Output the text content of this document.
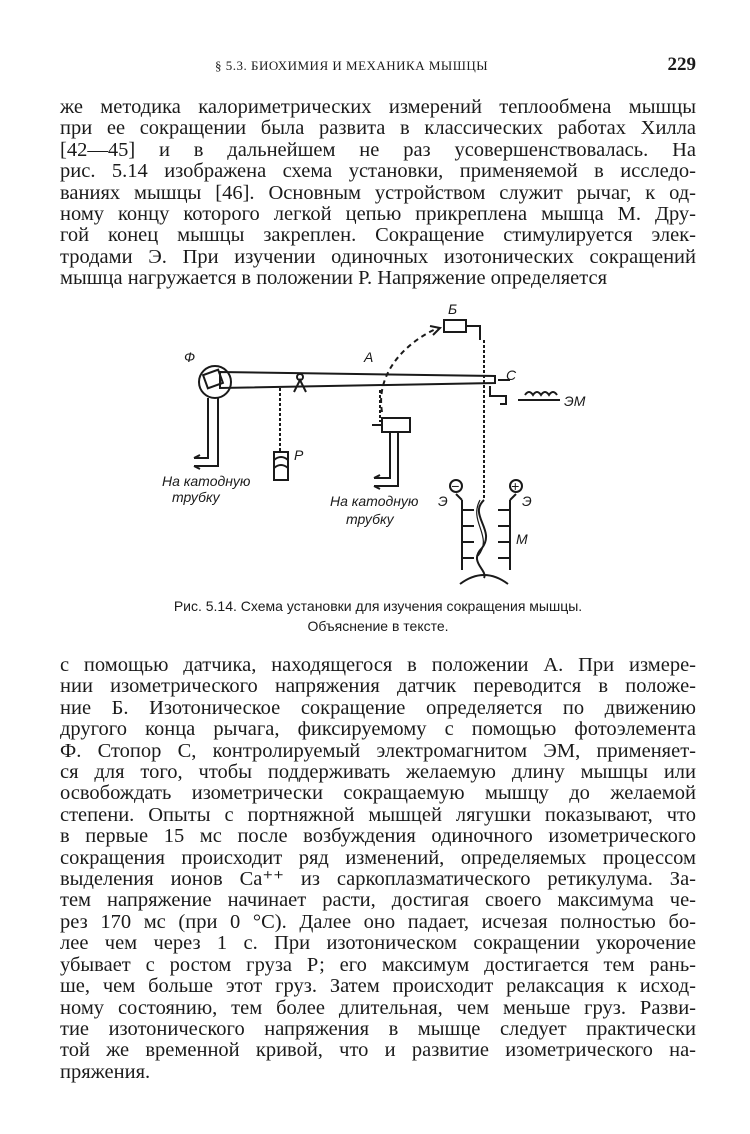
§ 5.3. БИОХИМИЯ И МЕХАНИКА МЫШЦЫ	229
же методика калориметрических измерений теплообмена мышцы
при ее сокращении была развита в классических работах Хилла
[42—45] и в дальнейшем не раз усовершенствовалась. На
рис. 5.14 изображена схема установки, применяемой в исследо-
ваниях мышцы [46]. Основным устройством служит рычаг, к од-
ному концу которого легкой цепью прикреплена мышца М. Дру-
гой конец мышцы закреплен. Сокращение стимулируется элек-
тродами Э. При изучении одиночных изотонических сокращений
мышца нагружается в положении Р. Напряжение определяется
Ф	А
Б
С
ЭМ
Р
Э	Э
М
−	+
На катодную
трубку	На катодную
трубку
Рис. 5.14. Схема установки для изучения сокращения мышцы.
Объяснение в тексте.
с помощью датчика, находящегося в положении А. При измере-
нии изометрического напряжения датчик переводится в положе-
ние Б. Изотоническое сокращение определяется по движению
другого конца рычага, фиксируемому с помощью фотоэлемента
Ф. Стопор С, контролируемый электромагнитом ЭМ, применяет-
ся для того, чтобы поддерживать желаемую длину мышцы или
освобождать изометрически сокращаемую мышцу до желаемой
степени. Опыты с портняжной мышцей лягушки показывают, что
в первые 15 мс после возбуждения одиночного изометрического
сокращения происходит ряд изменений, определяемых процессом
выделения ионов Ca⁺⁺ из саркоплазматического ретикулума. За-
тем напряжение начинает расти, достигая своего максимума че-
рез 170 мс (при 0 °С). Далее оно падает, исчезая полностью бо-
лее чем через 1 с. При изотоническом сокращении укорочение
убывает с ростом груза Р; его максимум достигается тем рань-
ше, чем больше этот груз. Затем происходит релаксация к исход-
ному состоянию, тем более длительная, чем меньше груз. Разви-
тие изотонического напряжения в мышце следует практически
той же временной кривой, что и развитие изометрического на-
пряжения.
